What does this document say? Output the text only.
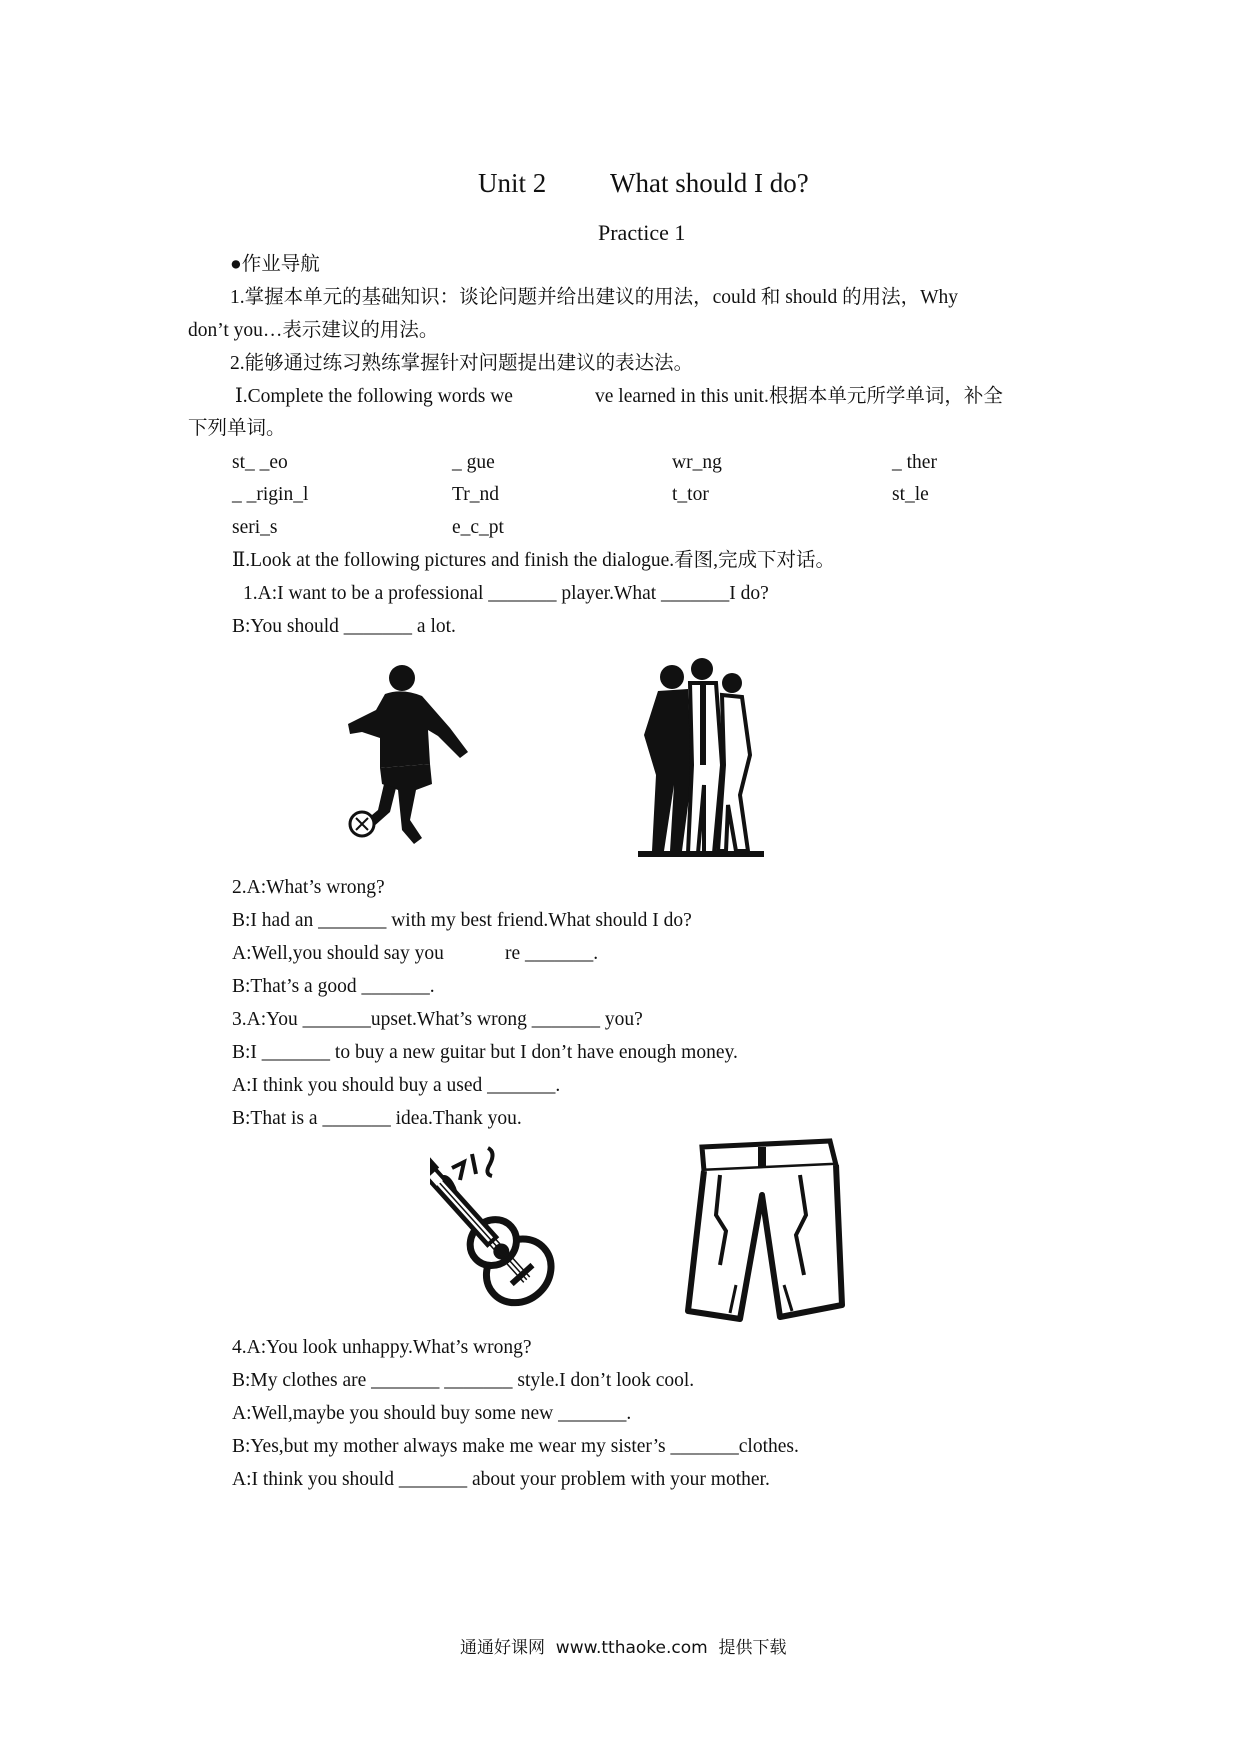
Unit 2 What should I do?
Practice 1
●作业导航
1.掌握本单元的基础知识：谈论问题并给出建议的用法，could 和 should 的用法，Why
don’t you…表示建议的用法。
2.能够通过练习熟练掌握针对问题提出建议的表达法。
Ⅰ.Complete the following words we	ve learned in this unit.根据本单元所学单词，补全
下列单词。
st_ _eo	_ gue	wr_ng	_ ther
_ _rigin_l	Tr_nd	t_tor	st_le
seri_s	e_c_pt
Ⅱ.Look at the following pictures and finish the dialogue.看图,完成下对话。
1.A:I want to be a professional _______ player.What _______I do?
B:You should _______ a lot.
2.A:What’s wrong?
B:I had an _______ with my best friend.What should I do?
A:Well,you should say you	re _______.
B:That’s a good _______.
3.A:You _______upset.What’s wrong _______ you?
B:I _______ to buy a new guitar but I don’t have enough money.
A:I think you should buy a used _______.
B:That is a _______ idea.Thank you.
4.A:You look unhappy.What’s wrong?
B:My clothes are _______ _______ style.I don’t look cool.
A:Well,maybe you should buy some new _______.
B:Yes,but my mother always make me wear my sister’s _______clothes.
A:I think you should _______ about your problem with your mother.
通通好课网  www.tthaoke.com  提供下载
